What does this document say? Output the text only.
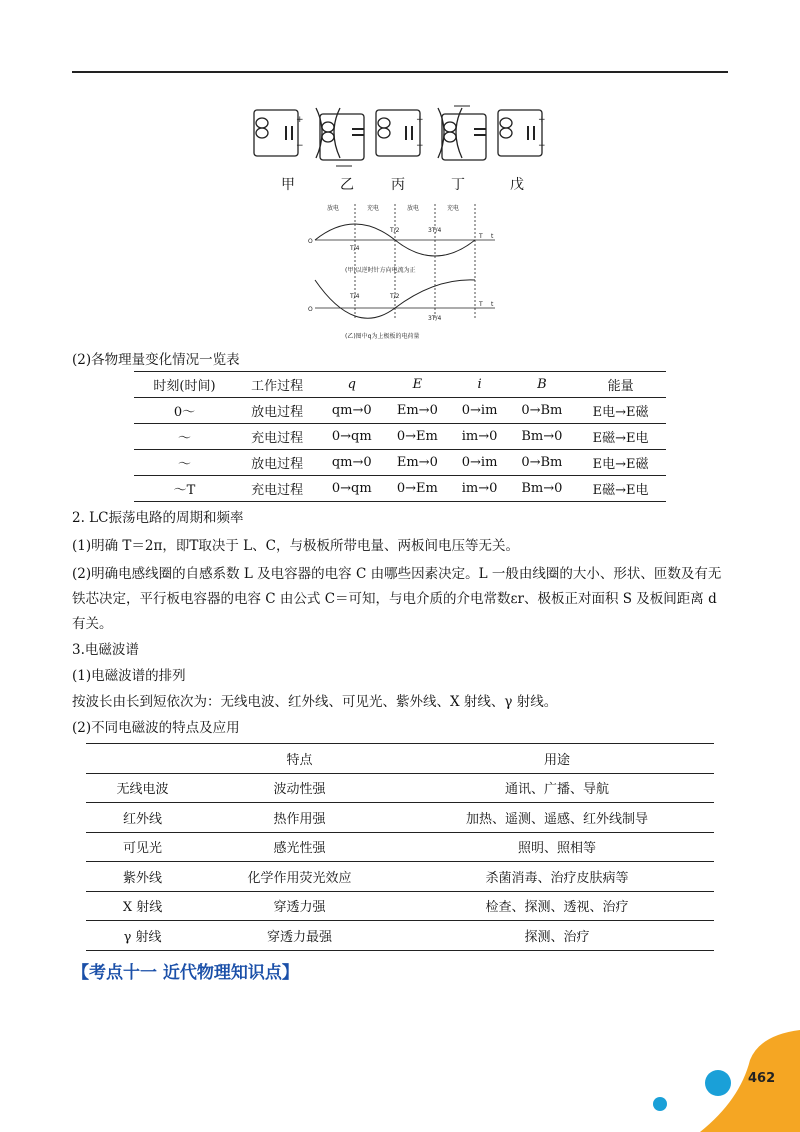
+
−
+
−
+
−
甲	乙	丙	丁	戊
放电	充电	放电	充电
T/4
T/2	3T/4
(甲)以逆时针方向电流为正
T/4	T/2
3T/4
(乙)图中q为上极板的电荷量
O
O
t
T
t
T
(2)各物理量变化情况一览表
时刻(时间)	工作过程	q	E	i	B	能量
0～	放电过程	qm→0	Em→0	0→im	0→Bm	E电→E磁
～	充电过程	0→qm	0→Em	im→0	Bm→0	E磁→E电
～	放电过程	qm→0	Em→0	0→im	0→Bm	E电→E磁
～T	充电过程	0→qm	0→Em	im→0	Bm→0	E磁→E电
2. LC振荡电路的周期和频率
(1)明确 T＝2π，即T取决于 L、C，与极板所带电量、两板间电压等无关。
(2)明确电感线圈的自感系数 L 及电容器的电容 C 由哪些因素决定。L 一般由线圈的大小、形状、匝数及有无铁芯决定，平行板电容器的电容 C 由公式 C＝可知，与电介质的介电常数εr、极板正对面积 S 及板间距离 d 有关。
3.电磁波谱
(1)电磁波谱的排列
按波长由长到短依次为：无线电波、红外线、可见光、紫外线、X 射线、γ 射线。
(2)不同电磁波的特点及应用
	特点	用途
无线电波	波动性强	通讯、广播、导航
红外线	热作用强	加热、遥测、遥感、红外线制导
可见光	感光性强	照明、照相等
紫外线	化学作用荧光效应	杀菌消毒、治疗皮肤病等
X 射线	穿透力强	检查、探测、透视、治疗
γ 射线	穿透力最强	探测、治疗
【考点十一 近代物理知识点】
462
